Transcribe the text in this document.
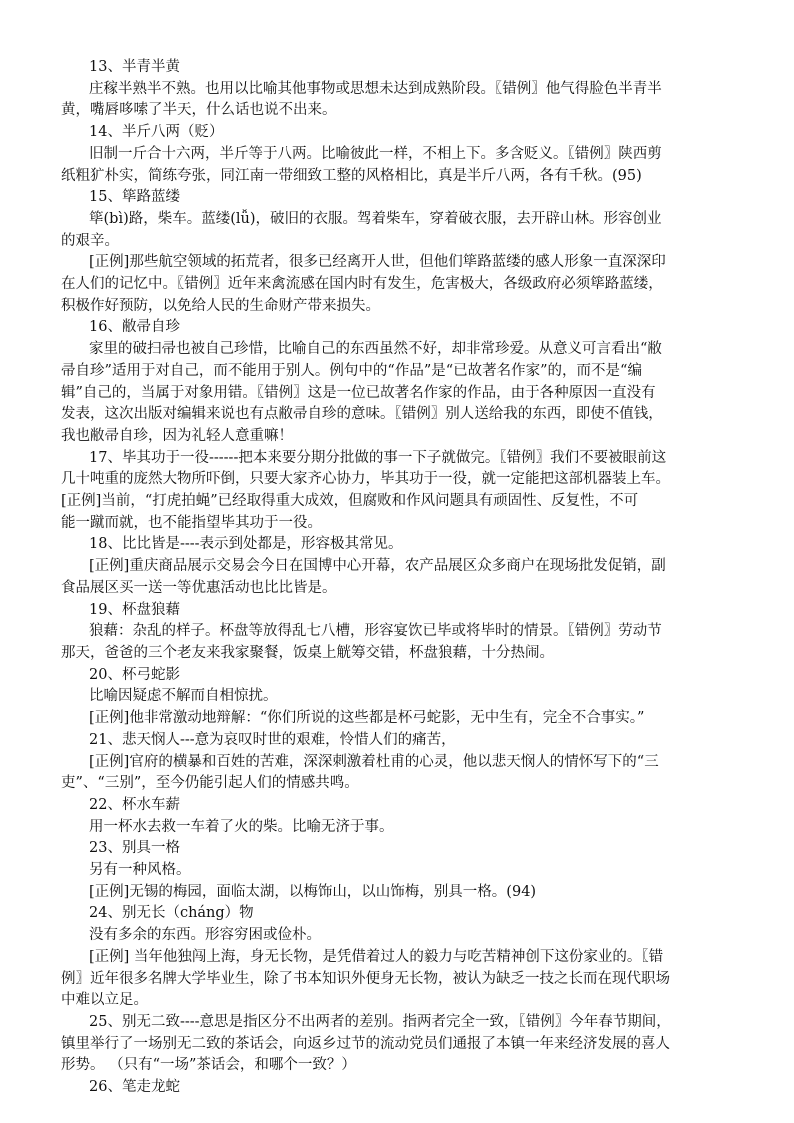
13、半青半黄
庄稼半熟半不熟。也用以比喻其他事物或思想未达到成熟阶段。〖错例〗他气得脸色半青半
黄，嘴唇哆嗦了半天，什么话也说不出来。
14、半斤八两（贬）
旧制一斤合十六两，半斤等于八两。比喻彼此一样，不相上下。多含贬义。〖错例〗陕西剪
纸粗犷朴实，简练夸张，同江南一带细致工整的风格相比，真是半斤八两，各有千秋。(95)
15、筚路蓝缕
筚(bì)路，柴车。蓝缕(lǚ)，破旧的衣服。驾着柴车，穿着破衣服，去开辟山林。形容创业
的艰辛。
[正例]那些航空领域的拓荒者，很多已经离开人世，但他们筚路蓝缕的感人形象一直深深印
在人们的记忆中。〖错例〗近年来禽流感在国内时有发生，危害极大，各级政府必须筚路蓝缕，
积极作好预防，以免给人民的生命财产带来损失。
16、敝帚自珍
家里的破扫帚也被自己珍惜，比喻自己的东西虽然不好，却非常珍爱。从意义可言看出“敝
帚自珍”适用于对自己，而不能用于别人。例句中的“作品”是“已故著名作家”的，而不是“编
辑”自己的，当属于对象用错。〖错例〗这是一位已故著名作家的作品，由于各种原因一直没有
发表，这次出版对编辑来说也有点敝帚自珍的意味。〖错例〗别人送给我的东西，即使不值钱，
我也敝帚自珍，因为礼轻人意重嘛！
17、毕其功于一役------把本来要分期分批做的事一下子就做完。〖错例〗我们不要被眼前这
几十吨重的庞然大物所吓倒，只要大家齐心协力，毕其功于一役，就一定能把这部机器装上车。
[正例]当前，“打虎拍蝇”已经取得重大成效，但腐败和作风问题具有顽固性、反复性，不可
能一蹴而就，也不能指望毕其功于一役。
18、比比皆是----表示到处都是，形容极其常见。
[正例]重庆商品展示交易会今日在国博中心开幕，农产品展区众多商户在现场批发促销，副
食品展区买一送一等优惠活动也比比皆是。
19、杯盘狼藉
狼藉：杂乱的样子。杯盘等放得乱七八槽，形容宴饮已毕或将毕时的情景。〖错例〗劳动节
那天，爸爸的三个老友来我家聚餐，饭桌上觥筹交错，杯盘狼藉，十分热闹。
20、杯弓蛇影
比喻因疑虑不解而自相惊扰。
[正例]他非常激动地辩解：“你们所说的这些都是杯弓蛇影，无中生有，完全不合事实。”
21、悲天悯人---意为哀叹时世的艰难，怜惜人们的痛苦，
[正例]官府的横暴和百姓的苦难，深深刺激着杜甫的心灵，他以悲天悯人的情怀写下的“三
吏”、“三别”，至今仍能引起人们的情感共鸣。
22、杯水车薪
用一杯水去救一车着了火的柴。比喻无济于事。
23、别具一格
另有一种风格。
[正例]无锡的梅园，面临太湖，以梅饰山，以山饰梅，别具一格。(94)
24、别无长（cháng）物
没有多余的东西。形容穷困或俭朴。
[正例] 当年他独闯上海，身无长物，是凭借着过人的毅力与吃苦精神创下这份家业的。〖错
例〗近年很多名牌大学毕业生，除了书本知识外便身无长物，被认为缺乏一技之长而在现代职场
中难以立足。
25、别无二致----意思是指区分不出两者的差别。指两者完全一致，〖错例〗今年春节期间，
镇里举行了一场别无二致的茶话会，向返乡过节的流动党员们通报了本镇一年来经济发展的喜人
形势。 （只有“一场”茶话会，和哪个一致？）
26、笔走龙蛇
